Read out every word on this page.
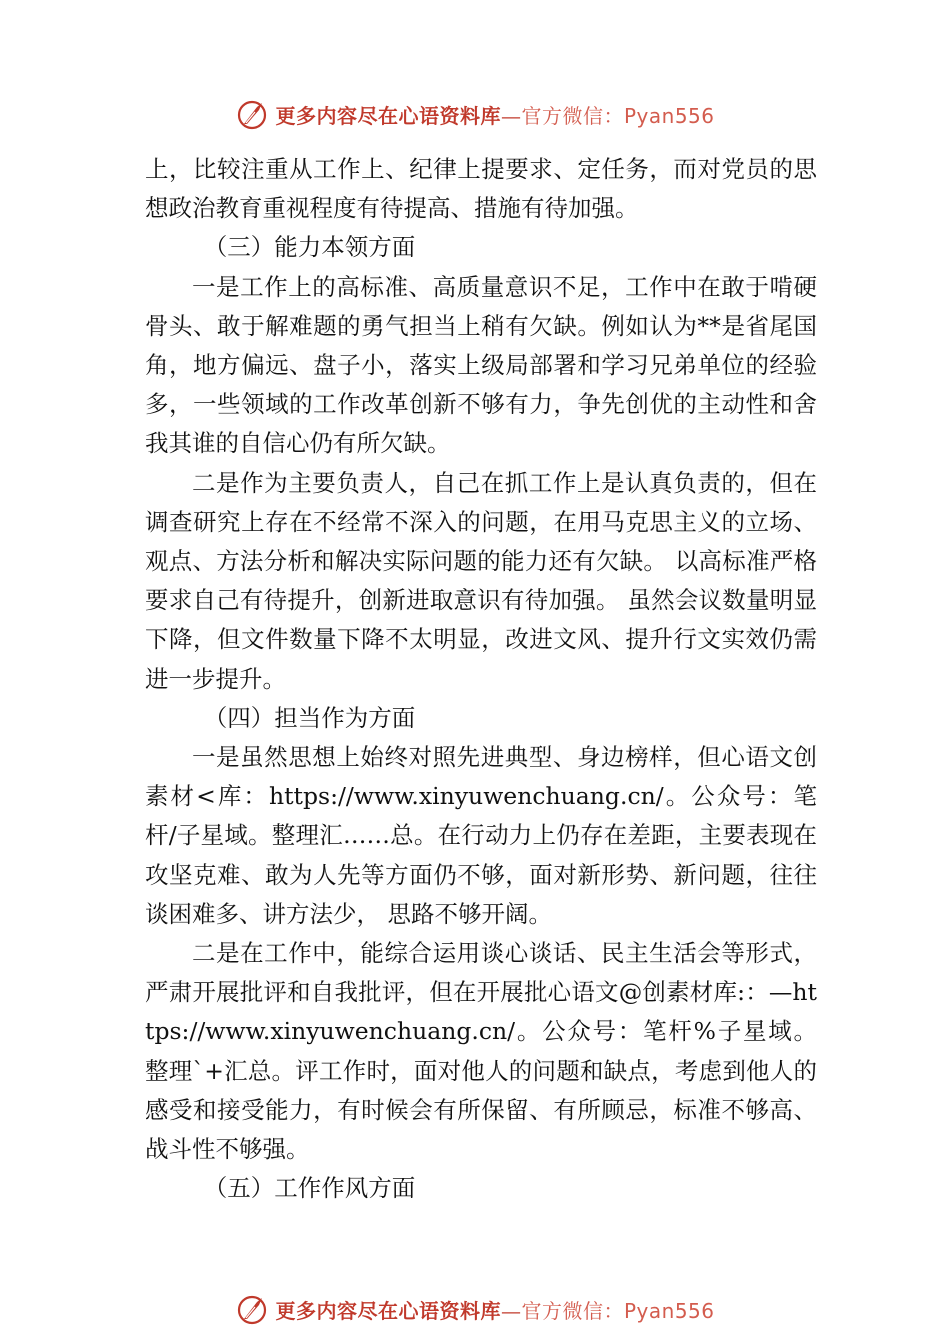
更多内容尽在心语资料库—官方微信：Pyan556

上，比较注重从工作上、纪律上提要求、定任务，而对党员的思想政治教育重视程度有待提高、措施有待加强。

（三）能力本领方面

一是工作上的高标准、高质量意识不足，工作中在敢于啃硬骨头、敢于解难题的勇气担当上稍有欠缺。例如认为**是省尾国角，地方偏远、盘子小，落实上级局部署和学习兄弟单位的经验多，一些领域的工作改革创新不够有力，争先创优的主动性和舍我其谁的自信心仍有所欠缺。

二是作为主要负责人，自己在抓工作上是认真负责的，但在调查研究上存在不经常不深入的问题，在用马克思主义的立场、观点、方法分析和解决实际问题的能力还有欠缺。 以高标准严格要求自己有待提升，创新进取意识有待加强。 虽然会议数量明显下降，但文件数量下降不太明显，改进文风、提升行文实效仍需进一步提升。

（四）担当作为方面

一是虽然思想上始终对照先进典型、身边榜样，但心语文创素材<库：https://www.xinyuwenchuang.cn/。公众号：笔杆/子星域。整理汇……总。在行动力上仍存在差距，主要表现在攻坚克难、敢为人先等方面仍不够，面对新形势、新问题，往往谈困难多、讲方法少， 思路不够开阔。

二是在工作中，能综合运用谈心谈话、民主生活会等形式，严肃开展批评和自我批评，但在开展批心语文@创素材库:：—https://www.xinyuwenchuang.cn/。公众号：笔杆%子星域。整理`+汇总。评工作时，面对他人的问题和缺点，考虑到他人的感受和接受能力，有时候会有所保留、有所顾忌，标准不够高、战斗性不够强。

（五）工作作风方面

更多内容尽在心语资料库—官方微信：Pyan556
